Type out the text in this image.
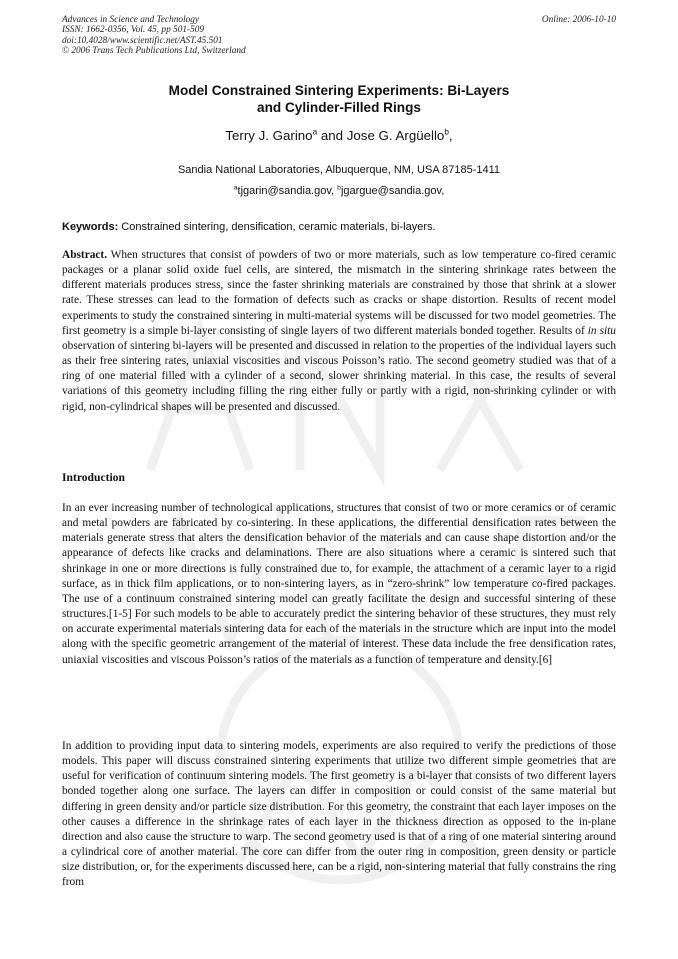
Advances in Science and Technology
ISSN: 1662-0356, Vol. 45, pp 501-509
doi:10.4028/www.scientific.net/AST.45.501
© 2006 Trans Tech Publications Ltd, Switzerland
Online: 2006-10-10
Model Constrained Sintering Experiments: Bi-Layers
and Cylinder-Filled Rings
Terry J. Garino$^a$ and Jose G. Argüello$^b$,
Sandia National Laboratories, Albuquerque, NM, USA 87185-1411
$^a$tjgarin@sandia.gov, $^b$jgargue@sandia.gov,
Keywords: Constrained sintering, densification, ceramic materials, bi-layers.
Abstract. When structures that consist of powders of two or more materials, such as low temperature co-fired ceramic packages or a planar solid oxide fuel cells, are sintered, the mismatch in the sintering shrinkage rates between the different materials produces stress, since the faster shrinking materials are constrained by those that shrink at a slower rate. These stresses can lead to the formation of defects such as cracks or shape distortion. Results of recent model experiments to study the constrained sintering in multi-material systems will be discussed for two model geometries. The first geometry is a simple bi-layer consisting of single layers of two different materials bonded together. Results of in situ observation of sintering bi-layers will be presented and discussed in relation to the properties of the individual layers such as their free sintering rates, uniaxial viscosities and viscous Poisson’s ratio. The second geometry studied was that of a ring of one material filled with a cylinder of a second, slower shrinking material. In this case, the results of several variations of this geometry including filling the ring either fully or partly with a rigid, non-shrinking cylinder or with rigid, non-cylindrical shapes will be presented and discussed.
Introduction
In an ever increasing number of technological applications, structures that consist of two or more ceramics or of ceramic and metal powders are fabricated by co-sintering. In these applications, the differential densification rates between the materials generate stress that alters the densification behavior of the materials and can cause shape distortion and/or the appearance of defects like cracks and delaminations. There are also situations where a ceramic is sintered such that shrinkage in one or more directions is fully constrained due to, for example, the attachment of a ceramic layer to a rigid surface, as in thick film applications, or to non-sintering layers, as in “zero-shrink” low temperature co-fired packages. The use of a continuum constrained sintering model can greatly facilitate the design and successful sintering of these structures.[1-5] For such models to be able to accurately predict the sintering behavior of these structures, they must rely on accurate experimental materials sintering data for each of the materials in the structure which are input into the model along with the specific geometric arrangement of the material of interest. These data include the free densification rates, uniaxial viscosities and viscous Poisson’s ratios of the materials as a function of temperature and density.[6]
In addition to providing input data to sintering models, experiments are also required to verify the predictions of those models. This paper will discuss constrained sintering experiments that utilize two different simple geometries that are useful for verification of continuum sintering models. The first geometry is a bi-layer that consists of two different layers bonded together along one surface. The layers can differ in composition or could consist of the same material but differing in green density and/or particle size distribution. For this geometry, the constraint that each layer imposes on the other causes a difference in the shrinkage rates of each layer in the thickness direction as opposed to the in-plane direction and also cause the structure to warp. The second geometry used is that of a ring of one material sintering around a cylindrical core of another material. The core can differ from the outer ring in composition, green density or particle size distribution, or, for the experiments discussed here, can be a rigid, non-sintering material that fully constrains the ring from
